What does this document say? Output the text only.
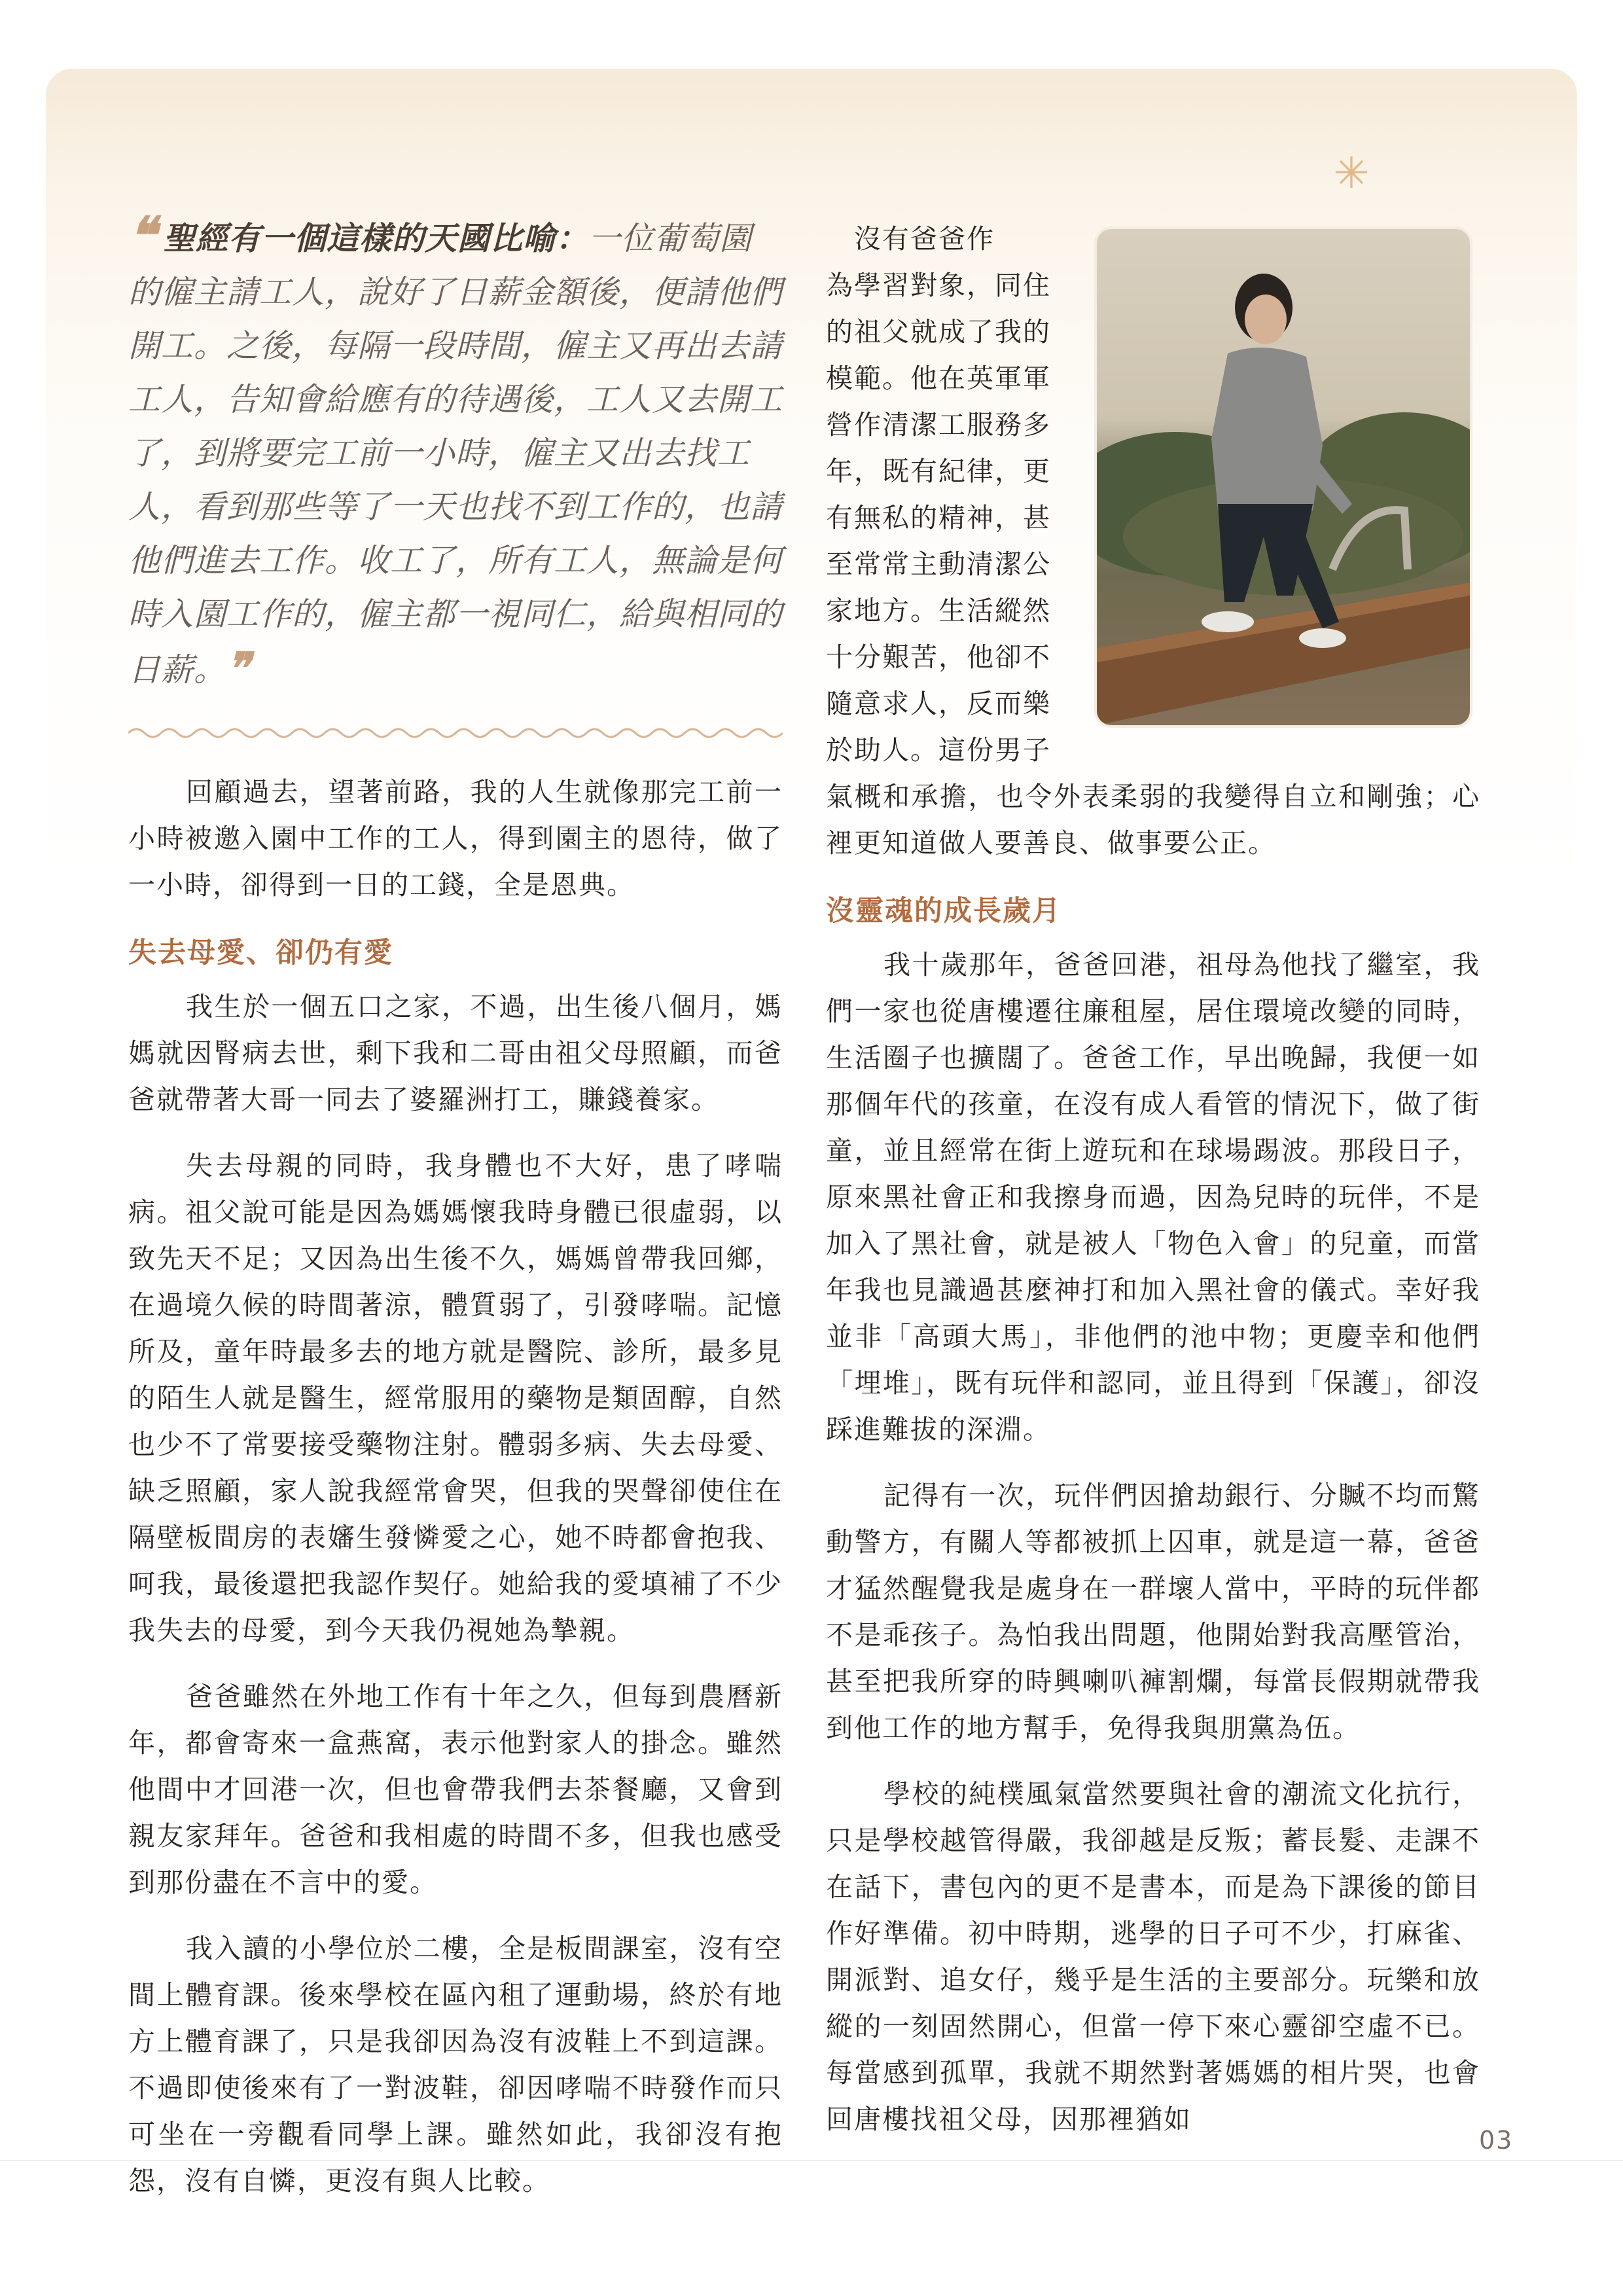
✳
❝ 聖經有一個這樣的天國比喻：一位葡萄園的僱主請工人，說好了日薪金額後，便請他們開工。之後，每隔一段時間，僱主又再出去請工人，告知會給應有的待遇後，工人又去開工了，到將要完工前一小時，僱主又出去找工人，看到那些等了一天也找不到工作的，也請他們進去工作。收工了，所有工人，無論是何時入園工作的，僱主都一視同仁，給與相同的日薪。❞

回顧過去，望著前路，我的人生就像那完工前一小時被邀入園中工作的工人，得到園主的恩待，做了一小時，卻得到一日的工錢，全是恩典。

失去母愛、卻仍有愛

我生於一個五口之家，不過，出生後八個月，媽媽就因腎病去世，剩下我和二哥由祖父母照顧，而爸爸就帶著大哥一同去了婆羅洲打工，賺錢養家。

失去母親的同時，我身體也不大好，患了哮喘病。祖父說可能是因為媽媽懷我時身體已很虛弱，以致先天不足；又因為出生後不久，媽媽曾帶我回鄉，在過境久候的時間著涼，體質弱了，引發哮喘。記憶所及，童年時最多去的地方就是醫院、診所，最多見的陌生人就是醫生，經常服用的藥物是類固醇，自然也少不了常要接受藥物注射。體弱多病、失去母愛、缺乏照顧，家人說我經常會哭，但我的哭聲卻使住在隔壁板間房的表嬸生發憐愛之心，她不時都會抱我、呵我，最後還把我認作契仔。她給我的愛填補了不少我失去的母愛，到今天我仍視她為摯親。

爸爸雖然在外地工作有十年之久，但每到農曆新年，都會寄來一盒燕窩，表示他對家人的掛念。雖然他間中才回港一次，但也會帶我們去茶餐廳，又會到親友家拜年。爸爸和我相處的時間不多，但我也感受到那份盡在不言中的愛。

我入讀的小學位於二樓，全是板間課室，沒有空間上體育課。後來學校在區內租了運動場，終於有地方上體育課了，只是我卻因為沒有波鞋上不到這課。不過即使後來有了一對波鞋，卻因哮喘不時發作而只可坐在一旁觀看同學上課。雖然如此，我卻沒有抱怨，沒有自憐，更沒有與人比較。

　沒有爸爸作

為學習對象，同住

的祖父就成了我的

模範。他在英軍軍

營作清潔工服務多

年，既有紀律，更

有無私的精神，甚

至常常主動清潔公

家地方。生活縱然

十分艱苦，他卻不

隨意求人，反而樂

於助人。這份男子

氣概和承擔，也令外表柔弱的我變得自立和剛強；心裡更知道做人要善良、做事要公正。

沒靈魂的成長歲月

我十歲那年，爸爸回港，祖母為他找了繼室，我們一家也從唐樓遷往廉租屋，居住環境改變的同時，生活圈子也擴闊了。爸爸工作，早出晚歸，我便一如那個年代的孩童，在沒有成人看管的情況下，做了街童，並且經常在街上遊玩和在球場踢波。那段日子，原來黑社會正和我擦身而過，因為兒時的玩伴，不是加入了黑社會，就是被人「物色入會」的兒童，而當年我也見識過甚麼神打和加入黑社會的儀式。幸好我並非「高頭大馬」，非他們的池中物；更慶幸和他們「埋堆」，既有玩伴和認同，並且得到「保護」，卻沒踩進難拔的深淵。

記得有一次，玩伴們因搶劫銀行、分贓不均而驚動警方，有關人等都被抓上囚車，就是這一幕，爸爸才猛然醒覺我是處身在一群壞人當中，平時的玩伴都不是乖孩子。為怕我出問題，他開始對我高壓管治，甚至把我所穿的時興喇叭褲割爛，每當長假期就帶我到他工作的地方幫手，免得我與朋黨為伍。

學校的純樸風氣當然要與社會的潮流文化抗行，只是學校越管得嚴，我卻越是反叛；蓄長髮、走課不在話下，書包內的更不是書本，而是為下課後的節目作好準備。初中時期，逃學的日子可不少，打麻雀、開派對、追女仔，幾乎是生活的主要部分。玩樂和放縱的一刻固然開心，但當一停下來心靈卻空虛不已。每當感到孤單，我就不期然對著媽媽的相片哭，也會回唐樓找祖父母，因那裡猶如

03
